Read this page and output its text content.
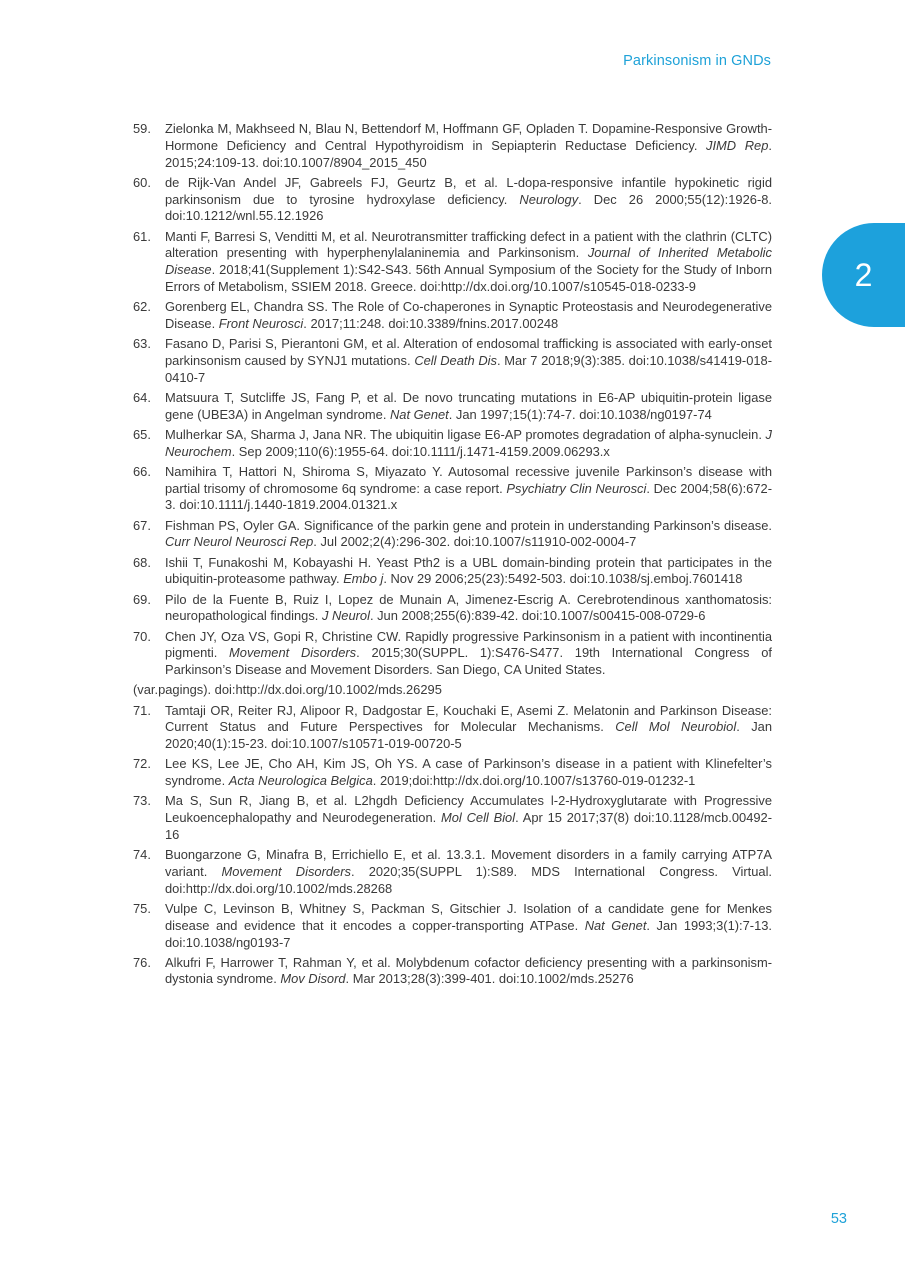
Parkinsonism in GNDs
2
59.	Zielonka M, Makhseed N, Blau N, Bettendorf M, Hoffmann GF, Opladen T. Dopamine-Responsive Growth-Hormone Deficiency and Central Hypothyroidism in Sepiapterin Reductase Deficiency. JIMD Rep. 2015;24:109-13. doi:10.1007/8904_2015_450
60.	de Rijk-Van Andel JF, Gabreels FJ, Geurtz B, et al. L-dopa-responsive infantile hypokinetic rigid parkinsonism due to tyrosine hydroxylase deficiency. Neurology. Dec 26 2000;55(12):1926-8. doi:10.1212/wnl.55.12.1926
61.	Manti F, Barresi S, Venditti M, et al. Neurotransmitter trafficking defect in a patient with the clathrin (CLTC) alteration presenting with hyperphenylalaninemia and Parkinsonism. Journal of Inherited Metabolic Disease. 2018;41(Supplement 1):S42-S43. 56th Annual Symposium of the Society for the Study of Inborn Errors of Metabolism, SSIEM 2018. Greece. doi:http://dx.doi.org/10.1007/s10545-018-0233-9
62.	Gorenberg EL, Chandra SS. The Role of Co-chaperones in Synaptic Proteostasis and Neurodegenerative Disease. Front Neurosci. 2017;11:248. doi:10.3389/fnins.2017.00248
63.	Fasano D, Parisi S, Pierantoni GM, et al. Alteration of endosomal trafficking is associated with early-onset parkinsonism caused by SYNJ1 mutations. Cell Death Dis. Mar 7 2018;9(3):385. doi:10.1038/s41419-018-0410-7
64.	Matsuura T, Sutcliffe JS, Fang P, et al. De novo truncating mutations in E6-AP ubiquitin-protein ligase gene (UBE3A) in Angelman syndrome. Nat Genet. Jan 1997;15(1):74-7. doi:10.1038/ng0197-74
65.	Mulherkar SA, Sharma J, Jana NR. The ubiquitin ligase E6-AP promotes degradation of alpha-synuclein. J Neurochem. Sep 2009;110(6):1955-64. doi:10.1111/j.1471-4159.2009.06293.x
66.	Namihira T, Hattori N, Shiroma S, Miyazato Y. Autosomal recessive juvenile Parkinson’s disease with partial trisomy of chromosome 6q syndrome: a case report. Psychiatry Clin Neurosci. Dec 2004;58(6):672-3. doi:10.1111/j.1440-1819.2004.01321.x
67.	Fishman PS, Oyler GA. Significance of the parkin gene and protein in understanding Parkinson’s disease. Curr Neurol Neurosci Rep. Jul 2002;2(4):296-302. doi:10.1007/s11910-002-0004-7
68.	Ishii T, Funakoshi M, Kobayashi H. Yeast Pth2 is a UBL domain-binding protein that participates in the ubiquitin-proteasome pathway. Embo j. Nov 29 2006;25(23):5492-503. doi:10.1038/sj.emboj.7601418
69.	Pilo de la Fuente B, Ruiz I, Lopez de Munain A, Jimenez-Escrig A. Cerebrotendinous xanthomatosis: neuropathological findings. J Neurol. Jun 2008;255(6):839-42. doi:10.1007/s00415-008-0729-6
70.	Chen JY, Oza VS, Gopi R, Christine CW. Rapidly progressive Parkinsonism in a patient with incontinentia pigmenti. Movement Disorders. 2015;30(SUPPL. 1):S476-S477. 19th International Congress of Parkinson’s Disease and Movement Disorders. San Diego, CA United States.
(var.pagings). doi:http://dx.doi.org/10.1002/mds.26295
71.	Tamtaji OR, Reiter RJ, Alipoor R, Dadgostar E, Kouchaki E, Asemi Z. Melatonin and Parkinson Disease: Current Status and Future Perspectives for Molecular Mechanisms. Cell Mol Neurobiol. Jan 2020;40(1):15-23. doi:10.1007/s10571-019-00720-5
72.	Lee KS, Lee JE, Cho AH, Kim JS, Oh YS. A case of Parkinson’s disease in a patient with Klinefelter’s syndrome. Acta Neurologica Belgica. 2019;doi:http://dx.doi.org/10.1007/s13760-019-01232-1
73.	Ma S, Sun R, Jiang B, et al. L2hgdh Deficiency Accumulates l-2-Hydroxyglutarate with Progressive Leukoencephalopathy and Neurodegeneration. Mol Cell Biol. Apr 15 2017;37(8) doi:10.1128/mcb.00492-16
74.	Buongarzone G, Minafra B, Errichiello E, et al. 13.3.1. Movement disorders in a family carrying ATP7A variant. Movement Disorders. 2020;35(SUPPL 1):S89. MDS International Congress. Virtual. doi:http://dx.doi.org/10.1002/mds.28268
75.	Vulpe C, Levinson B, Whitney S, Packman S, Gitschier J. Isolation of a candidate gene for Menkes disease and evidence that it encodes a copper-transporting ATPase. Nat Genet. Jan 1993;3(1):7-13. doi:10.1038/ng0193-7
76.	Alkufri F, Harrower T, Rahman Y, et al. Molybdenum cofactor deficiency presenting with a parkinsonism-dystonia syndrome. Mov Disord. Mar 2013;28(3):399-401. doi:10.1002/mds.25276
53
